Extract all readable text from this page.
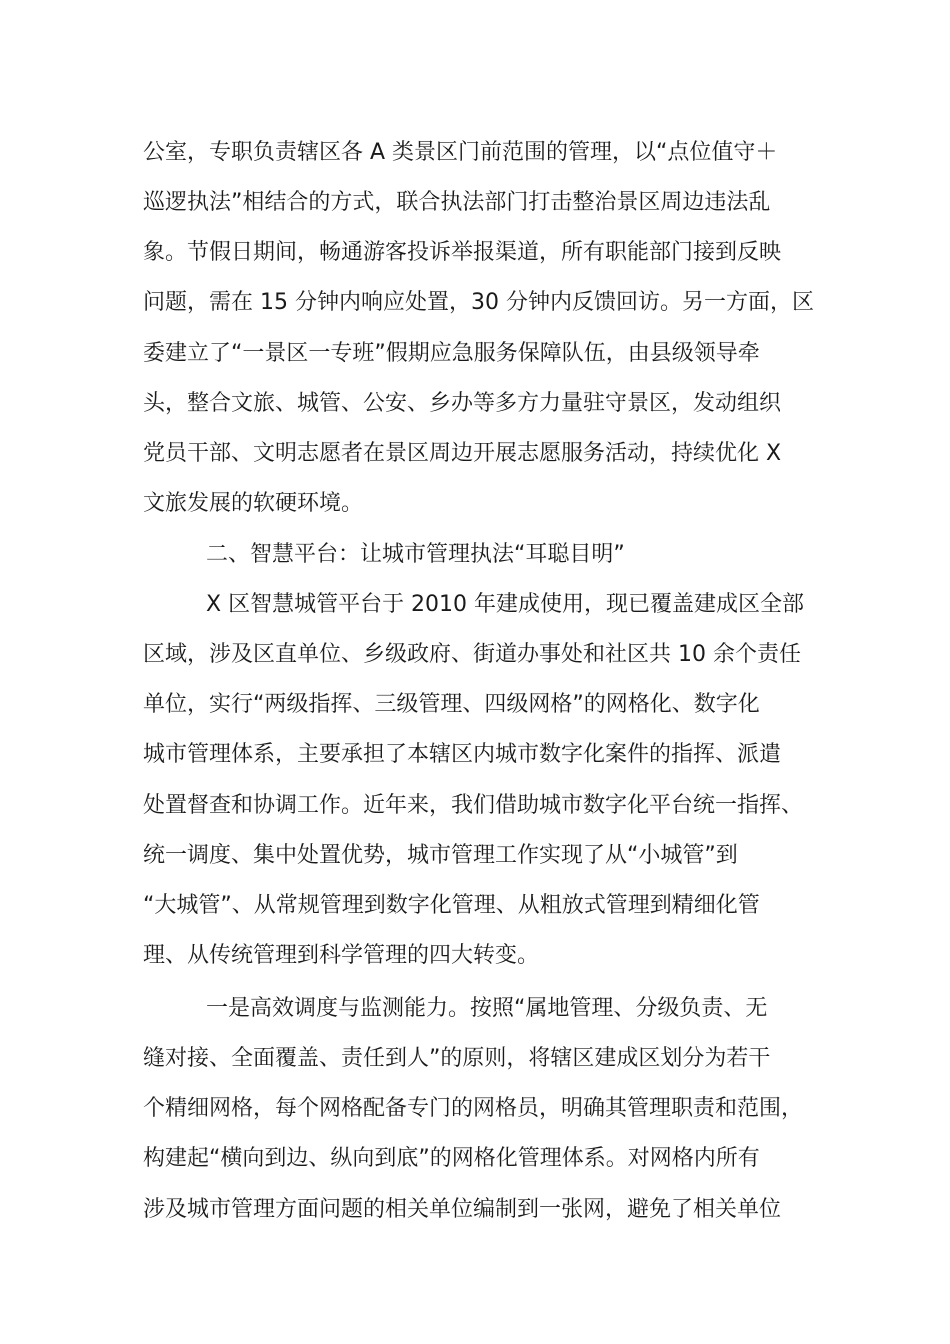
公室，专职负责辖区各 A 类景区门前范围的管理，以“点位值守＋

巡逻执法”相结合的方式，联合执法部门打击整治景区周边违法乱

象。节假日期间，畅通游客投诉举报渠道，所有职能部门接到反映

问题，需在 15 分钟内响应处置，30 分钟内反馈回访。另一方面，区

委建立了“一景区一专班”假期应急服务保障队伍，由县级领导牵

头，整合文旅、城管、公安、乡办等多方力量驻守景区，发动组织

党员干部、文明志愿者在景区周边开展志愿服务活动，持续优化 X

文旅发展的软硬环境。

二、智慧平台：让城市管理执法“耳聪目明”

X 区智慧城管平台于 2010 年建成使用，现已覆盖建成区全部

区域，涉及区直单位、乡级政府、街道办事处和社区共 10 余个责任

单位，实行“两级指挥、三级管理、四级网格”的网格化、数字化

城市管理体系，主要承担了本辖区内城市数字化案件的指挥、派遣

处置督查和协调工作。近年来，我们借助城市数字化平台统一指挥、

统一调度、集中处置优势，城市管理工作实现了从“小城管”到

“大城管”、从常规管理到数字化管理、从粗放式管理到精细化管

理、从传统管理到科学管理的四大转变。

一是高效调度与监测能力。按照“属地管理、分级负责、无

缝对接、全面覆盖、责任到人”的原则，将辖区建成区划分为若干

个精细网格，每个网格配备专门的网格员，明确其管理职责和范围，

构建起“横向到边、纵向到底”的网格化管理体系。对网格内所有

涉及城市管理方面问题的相关单位编制到一张网，避免了相关单位
